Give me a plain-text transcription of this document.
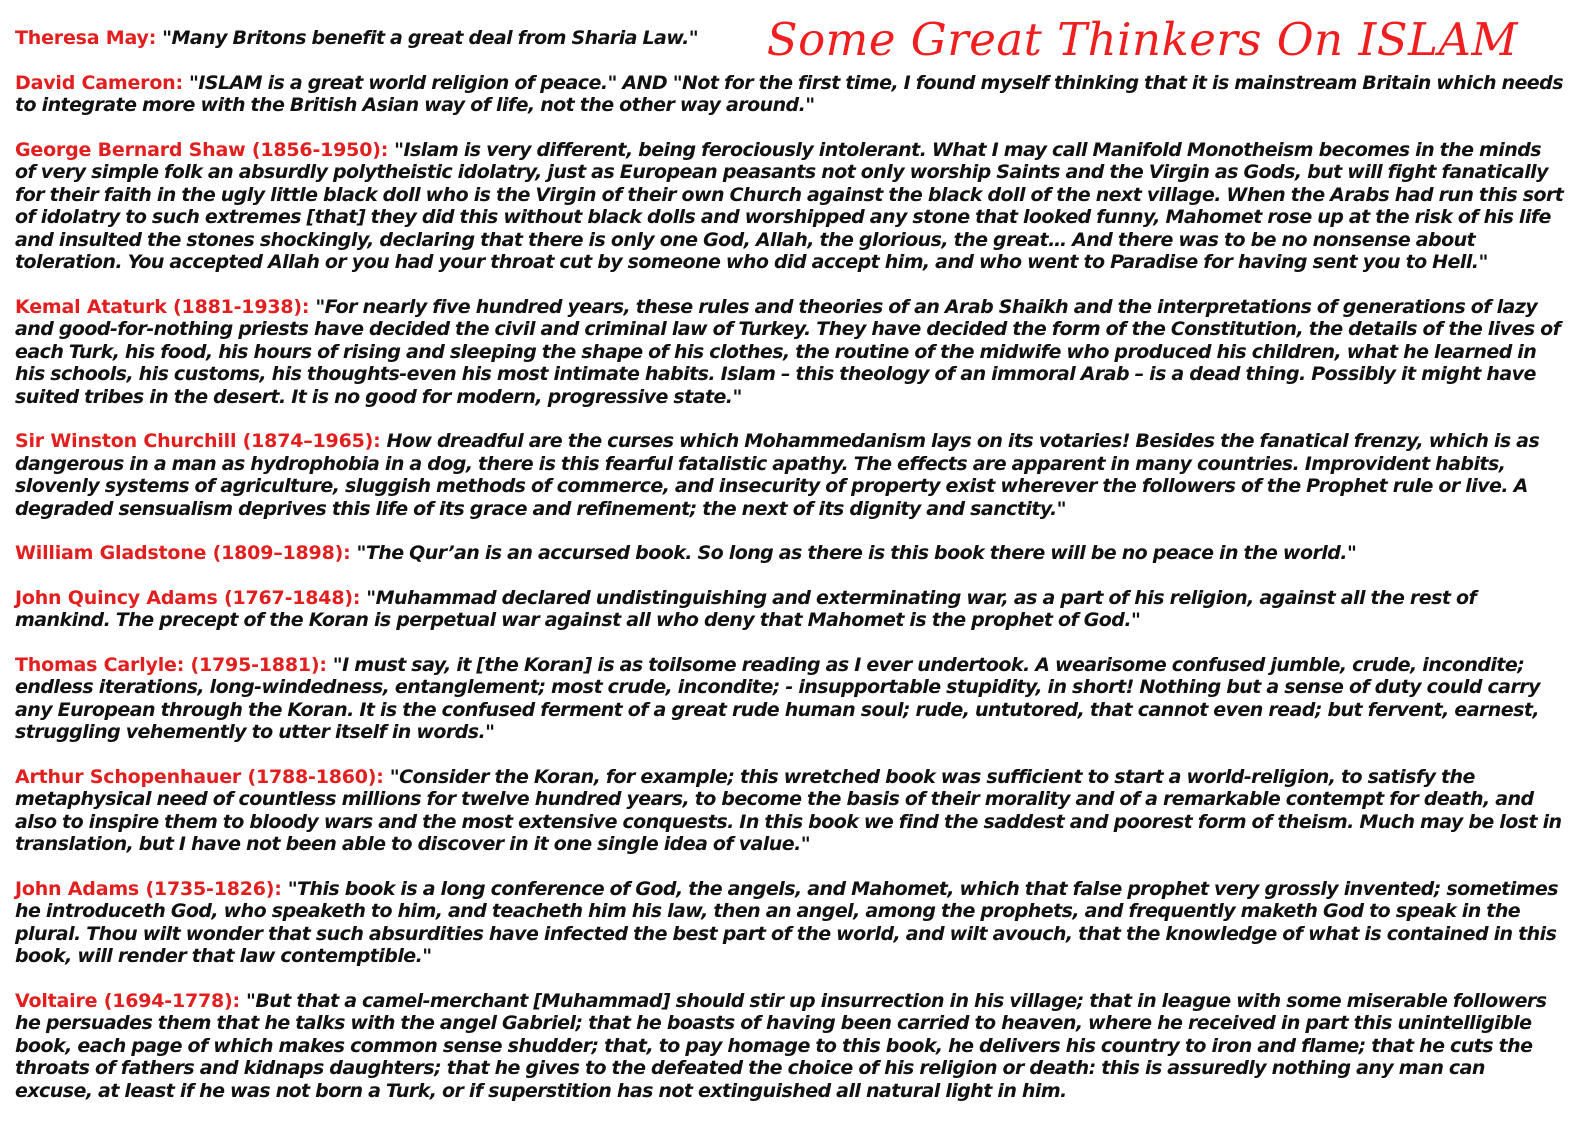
Some Great Thinkers On ISLAM

Theresa May: "Many Britons benefit a great deal from Sharia Law."

David Cameron: "ISLAM is a great world religion of peace." AND "Not for the first time, I found myself thinking that it is mainstream Britain which needs to integrate more with the British Asian way of life, not the other way around."

George Bernard Shaw (1856-1950): "Islam is very different, being ferociously intolerant. What I may call Manifold Monotheism becomes in the minds of very simple folk an absurdly polytheistic idolatry, just as European peasants not only worship Saints and the Virgin as Gods, but will fight fanatically for their faith in the ugly little black doll who is the Virgin of their own Church against the black doll of the next village. When the Arabs had run this sort of idolatry to such extremes [that] they did this without black dolls and worshipped any stone that looked funny, Mahomet rose up at the risk of his life and insulted the stones shockingly, declaring that there is only one God, Allah, the glorious, the great… And there was to be no nonsense about toleration. You accepted Allah or you had your throat cut by someone who did accept him, and who went to Paradise for having sent you to Hell."

Kemal Ataturk (1881-1938): "For nearly five hundred years, these rules and theories of an Arab Shaikh and the interpretations of generations of lazy and good-for-nothing priests have decided the civil and criminal law of Turkey. They have decided the form of the Constitution, the details of the lives of each Turk, his food, his hours of rising and sleeping the shape of his clothes, the routine of the midwife who produced his children, what he learned in his schools, his customs, his thoughts-even his most intimate habits. Islam – this theology of an immoral Arab – is a dead thing. Possibly it might have suited tribes in the desert. It is no good for modern, progressive state."

Sir Winston Churchill (1874–1965): How dreadful are the curses which Mohammedanism lays on its votaries! Besides the fanatical frenzy, which is as dangerous in a man as hydrophobia in a dog, there is this fearful fatalistic apathy. The effects are apparent in many countries. Improvident habits, slovenly systems of agriculture, sluggish methods of commerce, and insecurity of property exist wherever the followers of the Prophet rule or live. A degraded sensualism deprives this life of its grace and refinement; the next of its dignity and sanctity."

William Gladstone (1809–1898): "The Qur’an is an accursed book. So long as there is this book there will be no peace in the world."

John Quincy Adams (1767-1848): "Muhammad declared undistinguishing and exterminating war, as a part of his religion, against all the rest of mankind. The precept of the Koran is perpetual war against all who deny that Mahomet is the prophet of God."

Thomas Carlyle: (1795-1881): "I must say, it [the Koran] is as toilsome reading as I ever undertook. A wearisome confused jumble, crude, incondite; endless iterations, long-windedness, entanglement; most crude, incondite; - insupportable stupidity, in short! Nothing but a sense of duty could carry any European through the Koran. It is the confused ferment of a great rude human soul; rude, untutored, that cannot even read; but fervent, earnest, struggling vehemently to utter itself in words."

Arthur Schopenhauer (1788-1860): "Consider the Koran, for example; this wretched book was sufficient to start a world-religion, to satisfy the metaphysical need of countless millions for twelve hundred years, to become the basis of their morality and of a remarkable contempt for death, and also to inspire them to bloody wars and the most extensive conquests. In this book we find the saddest and poorest form of theism. Much may be lost in translation, but I have not been able to discover in it one single idea of value."

John Adams (1735-1826): "This book is a long conference of God, the angels, and Mahomet, which that false prophet very grossly invented; sometimes he introduceth God, who speaketh to him, and teacheth him his law, then an angel, among the prophets, and frequently maketh God to speak in the plural. Thou wilt wonder that such absurdities have infected the best part of the world, and wilt avouch, that the knowledge of what is contained in this book, will render that law contemptible."

Voltaire (1694-1778): "But that a camel-merchant [Muhammad] should stir up insurrection in his village; that in league with some miserable followers he persuades them that he talks with the angel Gabriel; that he boasts of having been carried to heaven, where he received in part this unintelligible book, each page of which makes common sense shudder; that, to pay homage to this book, he delivers his country to iron and flame; that he cuts the throats of fathers and kidnaps daughters; that he gives to the defeated the choice of his religion or death: this is assuredly nothing any man can excuse, at least if he was not born a Turk, or if superstition has not extinguished all natural light in him.
